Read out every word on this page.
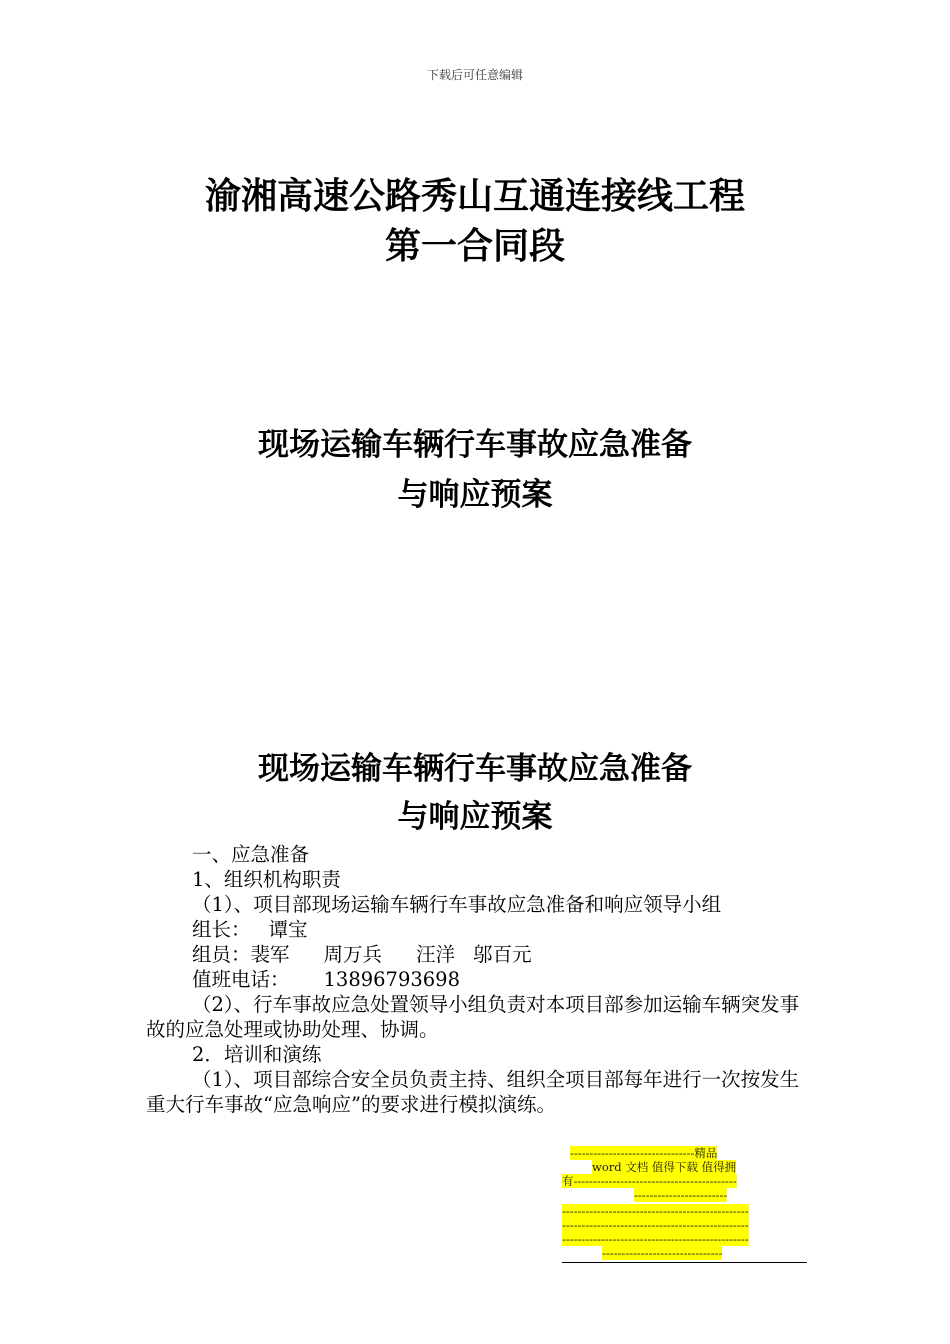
下载后可任意编辑
渝湘高速公路秀山互通连接线工程
第一合同段
现场运输车辆行车事故应急准备
与响应预案
现场运输车辆行车事故应急准备
与响应预案

一、应急准备

1、组织机构职责

（1）、项目部现场运输车辆行车事故应急准备和响应领导小组

组长： 谭宝

组员：裴军 周万兵 汪洋 邬百元

值班电话： 13896793698

（2）、行车事故应急处置领导小组负责对本项目部参加运输车辆突发事故的应急处理或协助处理、协调。

2．培训和演练

（1）、项目部综合安全员负责主持、组织全项目部每年进行一次按发生重大行车事故“应急响应”的要求进行模拟演练。

--------------------------------精品
word 文档 值得下载 值得拥
有------------------------------------------
------------------------
------------------------------------------------
------------------------------------------------
------------------------------------------------
-------------------------------
